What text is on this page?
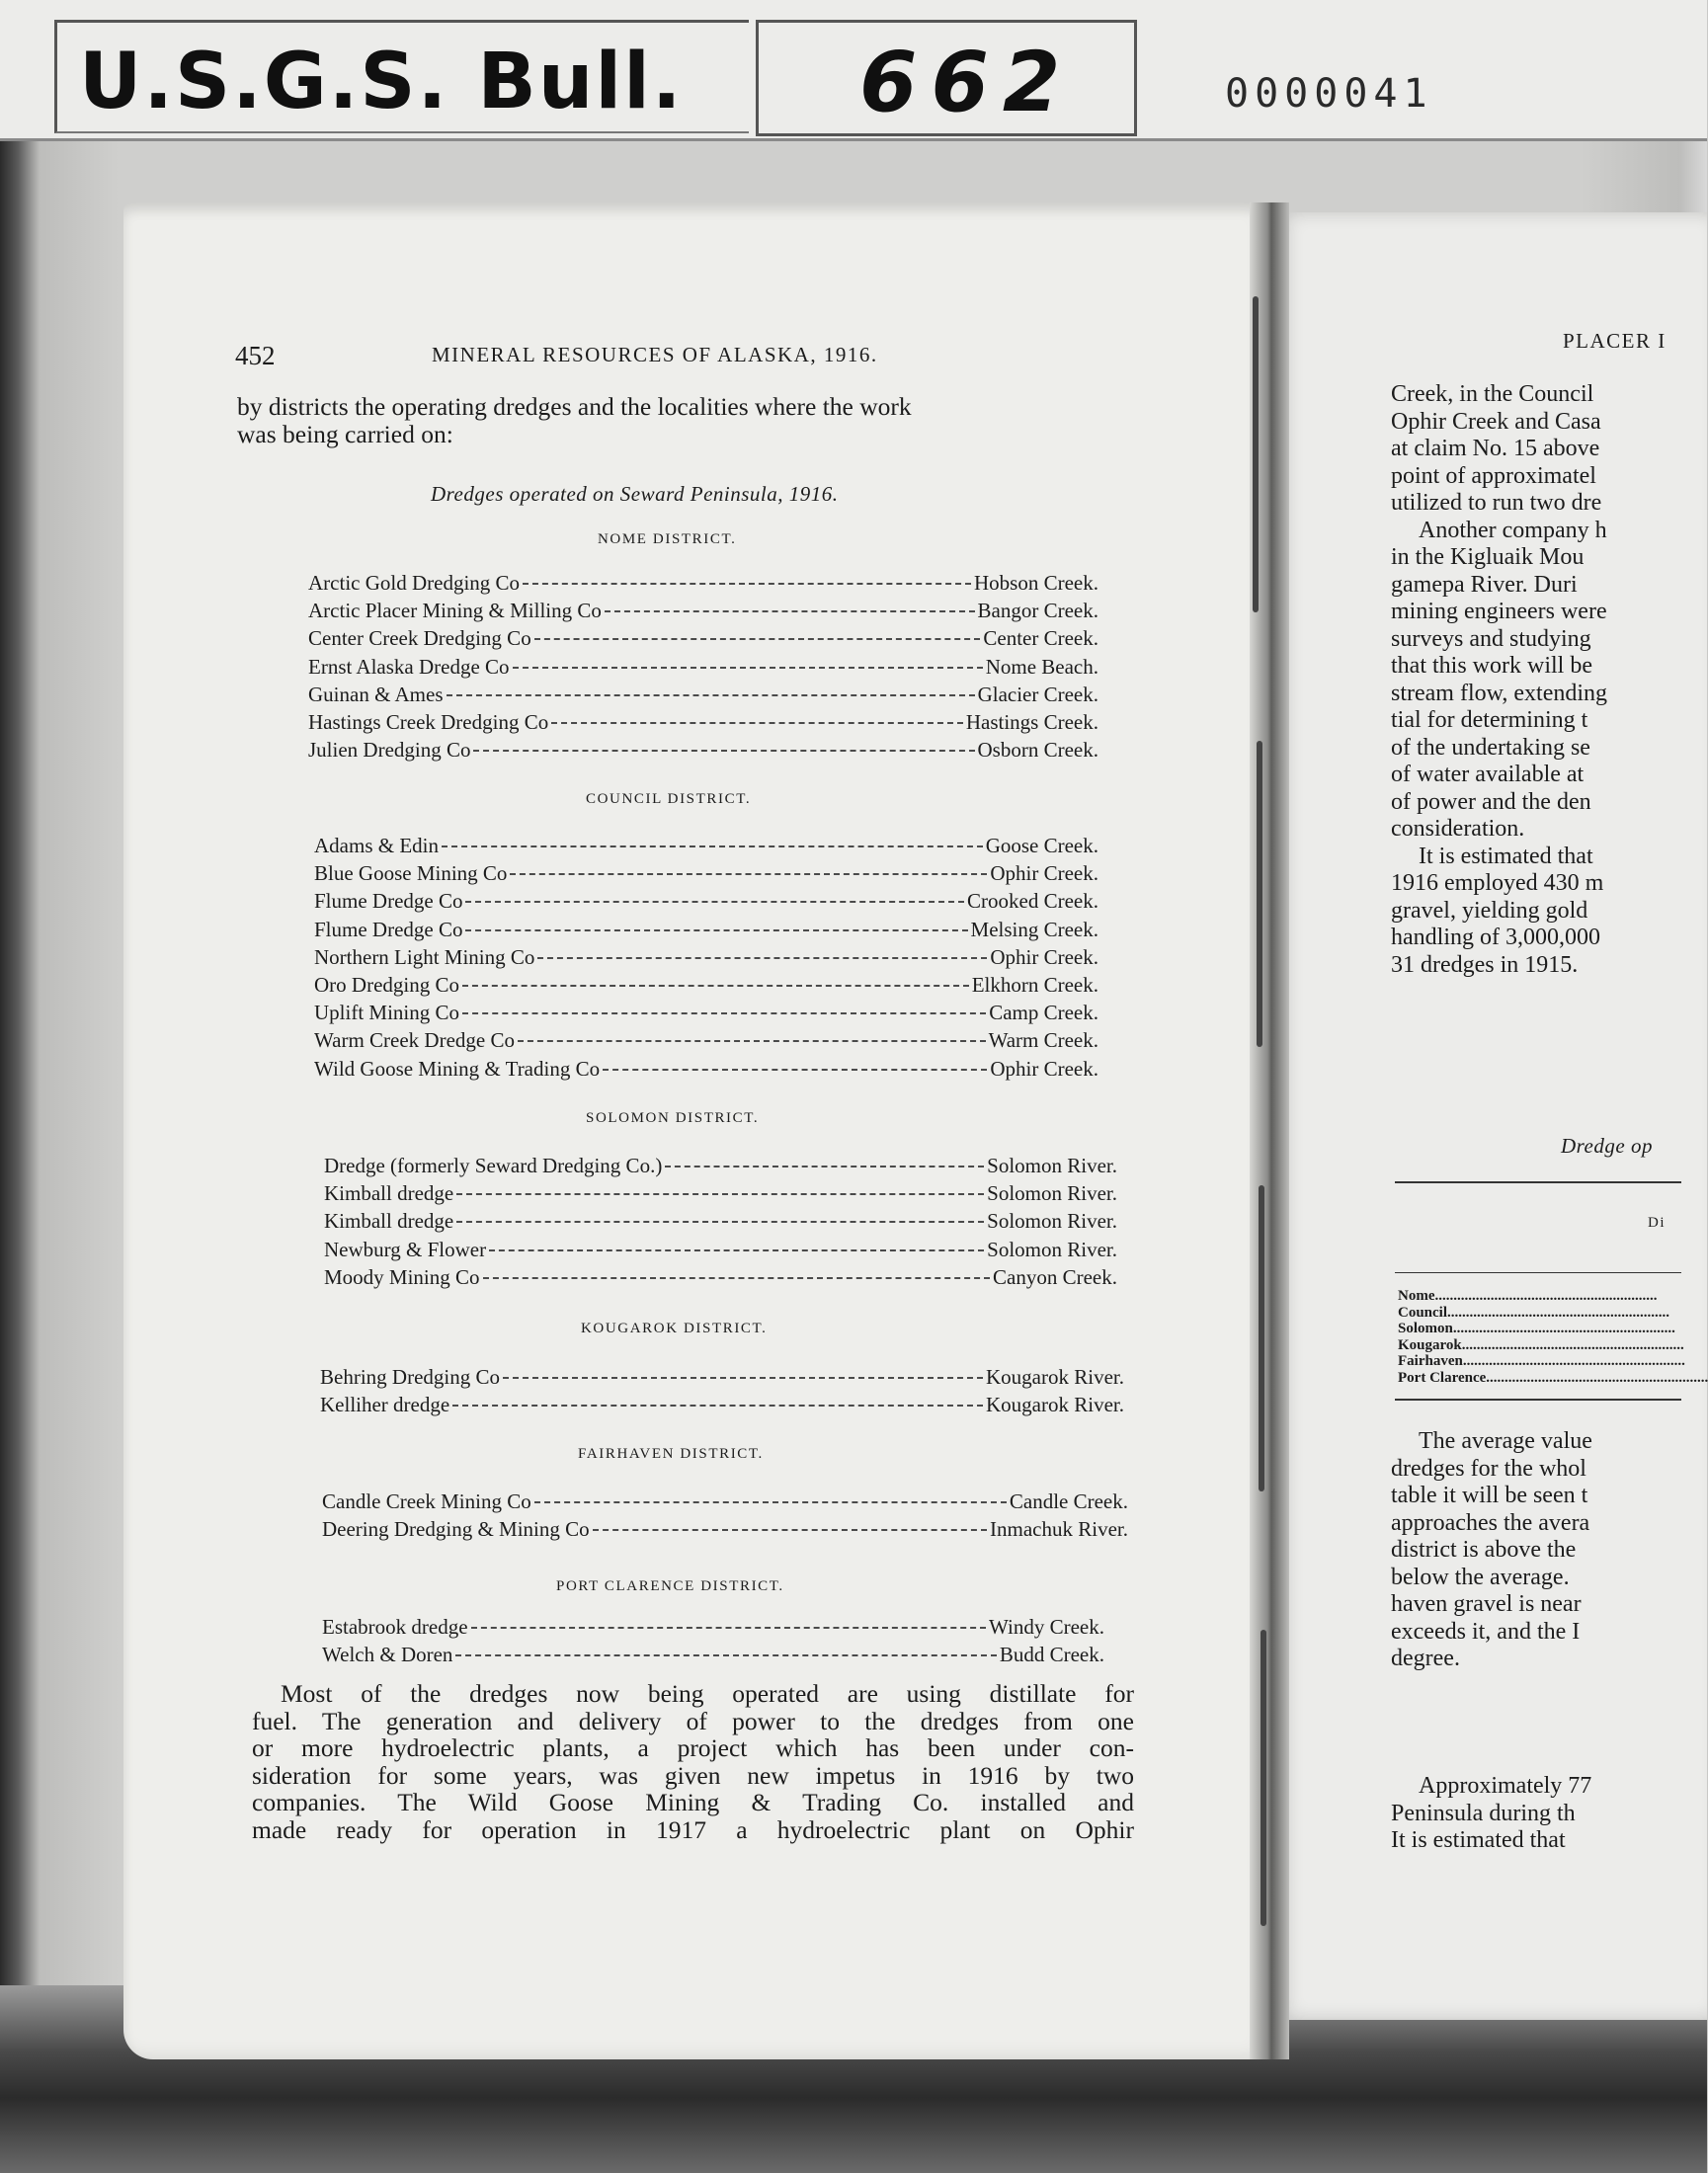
U.S.G.S. Bull. 662	0000041
452	MINERAL RESOURCES OF ALASKA, 1916.
by districts the operating dredges and the localities where the work
was being carried on:
Dredges operated on Seward Peninsula, 1916.
NOME DISTRICT.
Arctic Gold Dredging Co	Hobson Creek.
Arctic Placer Mining & Milling Co	Bangor Creek.
Center Creek Dredging Co	Center Creek.
Ernst Alaska Dredge Co	Nome Beach.
Guinan & Ames	Glacier Creek.
Hastings Creek Dredging Co	Hastings Creek.
Julien Dredging Co	Osborn Creek.
COUNCIL DISTRICT.
Adams & Edin	Goose Creek.
Blue Goose Mining Co	Ophir Creek.
Flume Dredge Co	Crooked Creek.
Flume Dredge Co	Melsing Creek.
Northern Light Mining Co	Ophir Creek.
Oro Dredging Co	Elkhorn Creek.
Uplift Mining Co	Camp Creek.
Warm Creek Dredge Co	Warm Creek.
Wild Goose Mining & Trading Co	Ophir Creek.
SOLOMON DISTRICT.
Dredge (formerly Seward Dredging Co.)	Solomon River.
Kimball dredge	Solomon River.
Kimball dredge	Solomon River.
Newburg & Flower	Solomon River.
Moody Mining Co	Canyon Creek.
KOUGAROK DISTRICT.
Behring Dredging Co	Kougarok River.
Kelliher dredge	Kougarok River.
FAIRHAVEN DISTRICT.
Candle Creek Mining Co	Candle Creek.
Deering Dredging & Mining Co	Inmachuk River.
PORT CLARENCE DISTRICT.
Estabrook dredge	Windy Creek.
Welch & Doren	Budd Creek.
Most of the dredges now being operated are using distillate for
fuel. The generation and delivery of power to the dredges from one
or more hydroelectric plants, a project which has been under con-
sideration for some years, was given new impetus in 1916 by two
companies. The Wild Goose Mining & Trading Co. installed and
made ready for operation in 1917 a hydroelectric plant on Ophir
PLACER I
Creek, in the Council
Ophir Creek and Casa
at claim No. 15 above
point of approximatel
utilized to run two dre
Another company h
in the Kigluaik Mou
gamepa River. Duri
mining engineers were
surveys and studying
that this work will be
stream flow, extending
tial for determining t
of the undertaking se
of water available at
of power and the den
consideration.
It is estimated that
1916 employed 430 m
gravel, yielding gold
handling of 3,000,000
31 dredges in 1915.
Dredge op
Di
Nome............................................................
Council............................................................
Solomon............................................................
Kougarok............................................................
Fairhaven............................................................
Port Clarence............................................................
The average value
dredges for the whol
table it will be seen t
approaches the avera
district is above the
below the average.
haven gravel is near
exceeds it, and the I
degree.
Approximately 77
Peninsula during th
It is estimated that
